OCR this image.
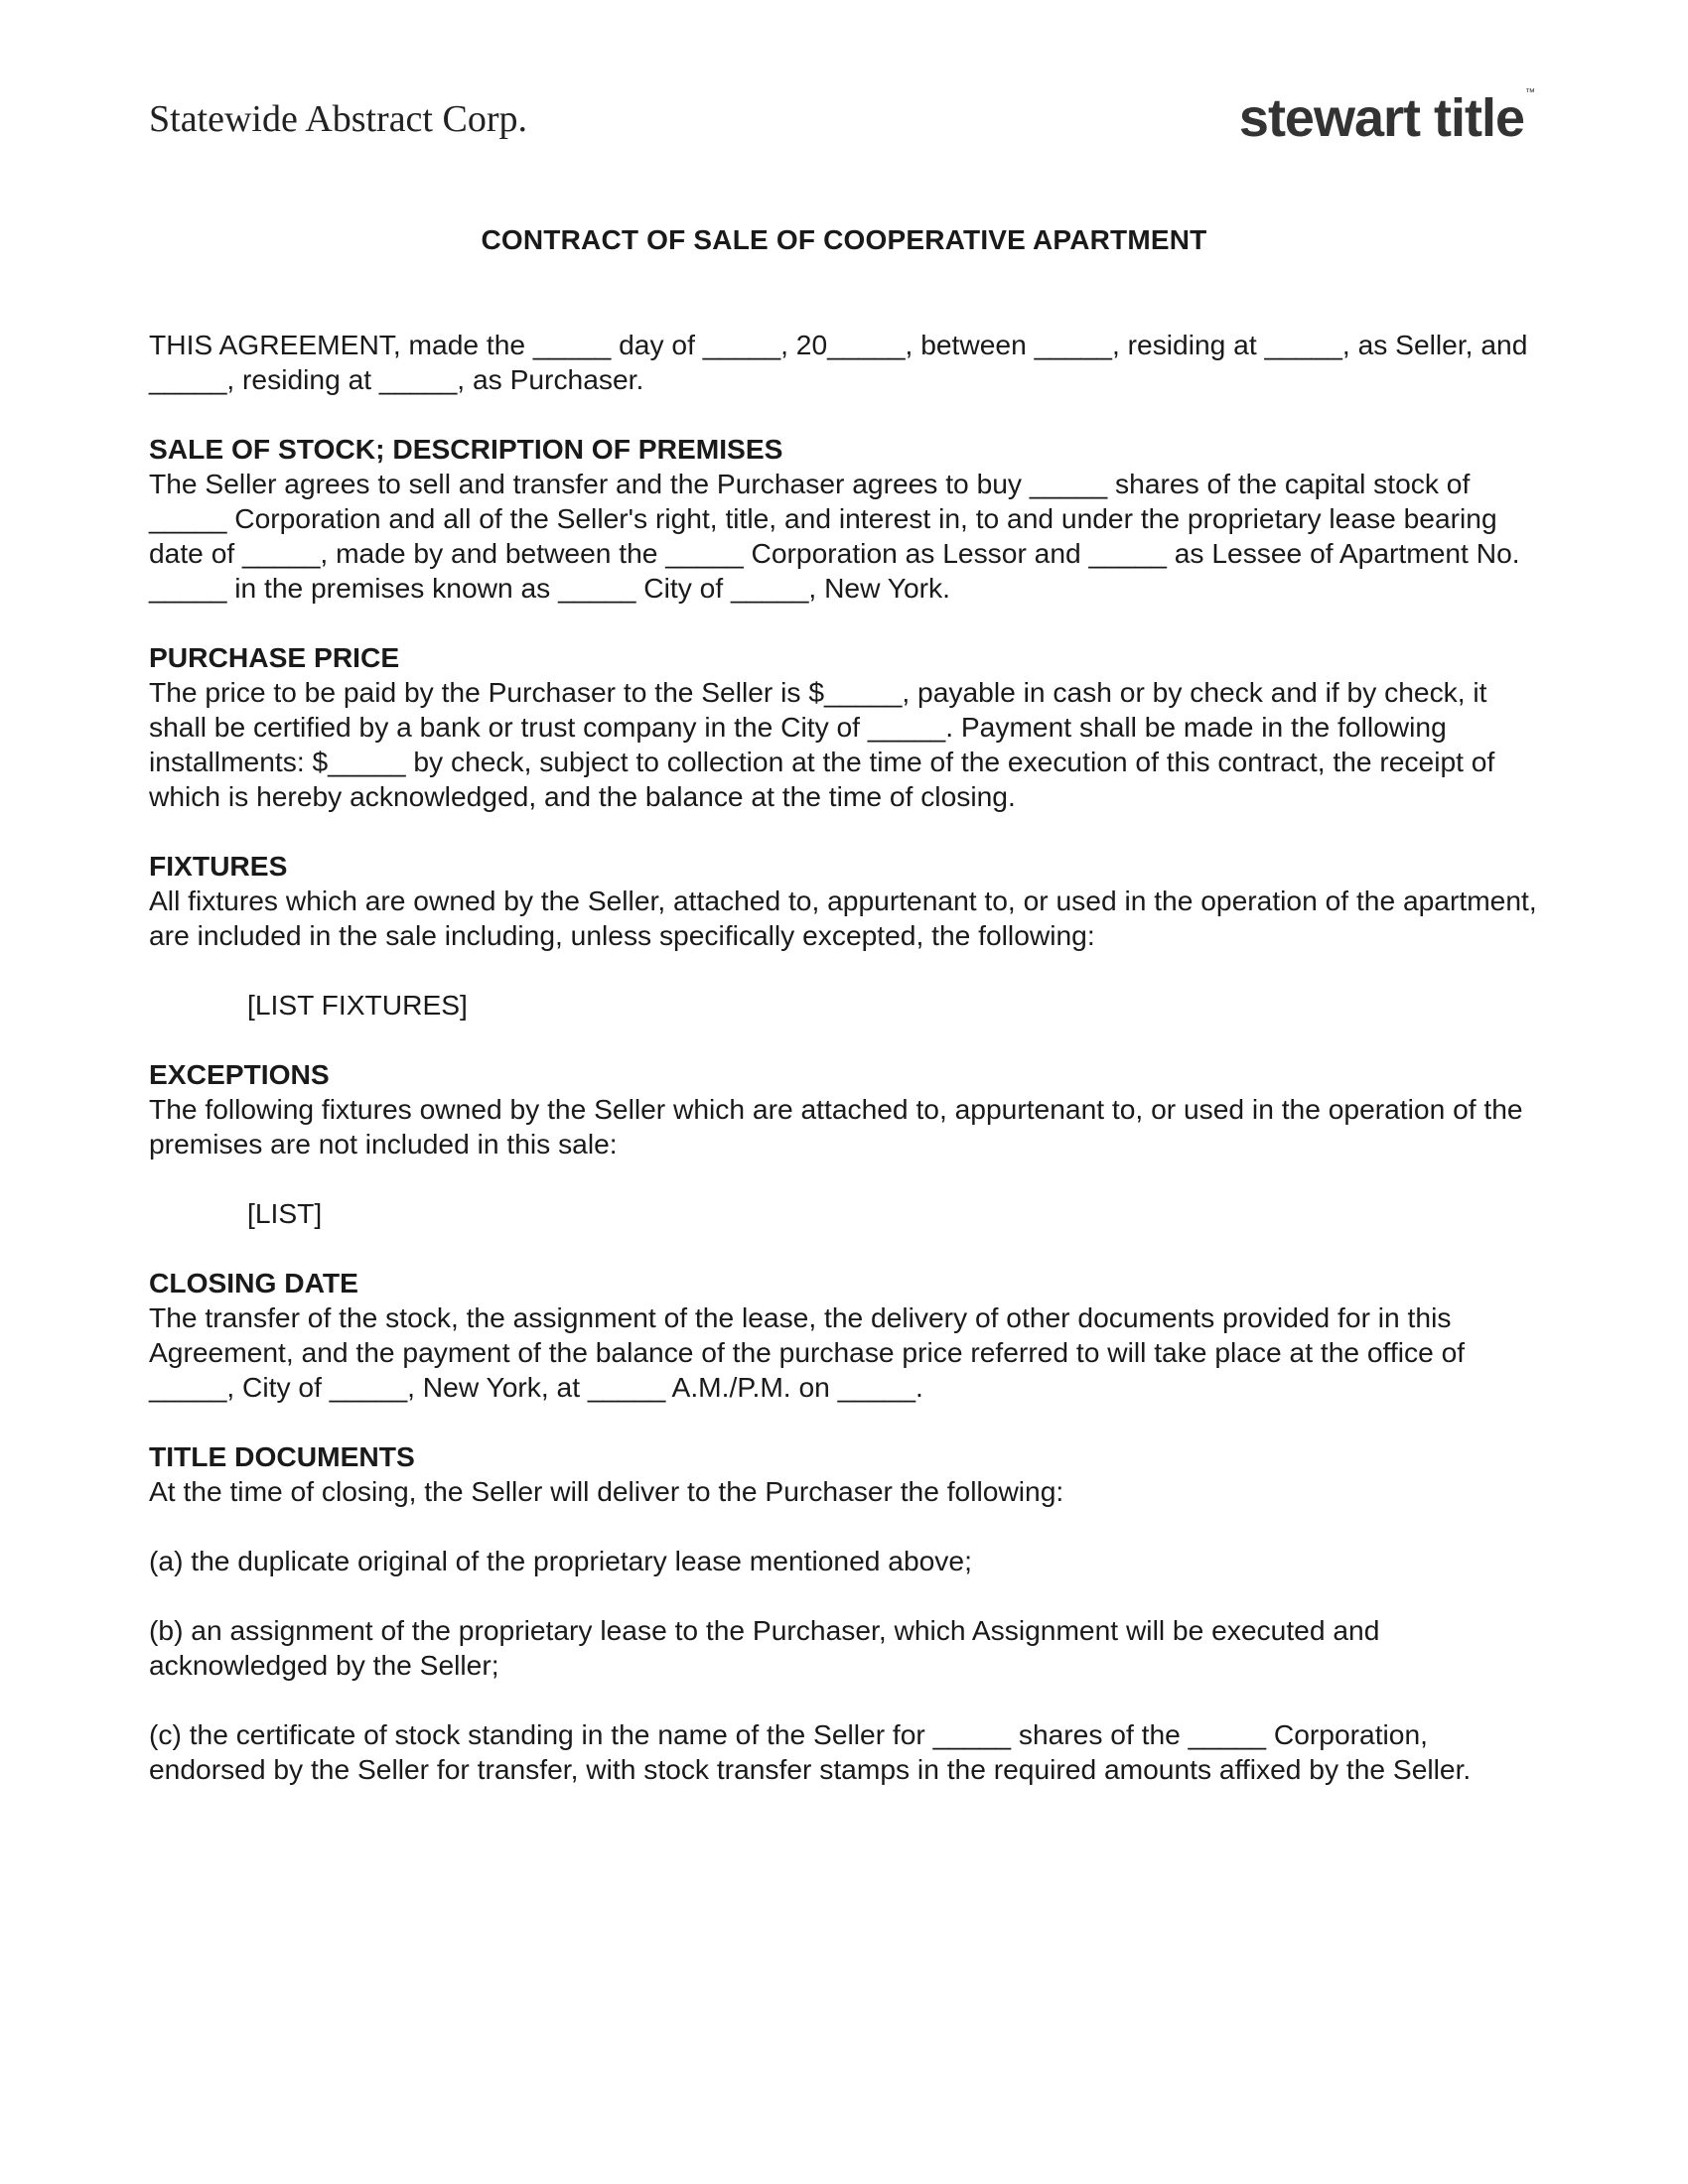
Statewide Abstract Corp.	stewart title™
CONTRACT OF SALE OF COOPERATIVE APARTMENT

THIS AGREEMENT, made the _____ day of _____, 20_____, between _____, residing at _____, as Seller, and _____, residing at _____, as Purchaser.

SALE OF STOCK; DESCRIPTION OF PREMISES

The Seller agrees to sell and transfer and the Purchaser agrees to buy _____ shares of the capital stock of _____ Corporation and all of the Seller's right, title, and interest in, to and under the proprietary lease bearing date of _____, made by and between the _____ Corporation as Lessor and _____ as Lessee of Apartment No. _____ in the premises known as _____ City of _____, New York.

PURCHASE PRICE

The price to be paid by the Purchaser to the Seller is $_____, payable in cash or by check and if by check, it shall be certified by a bank or trust company in the City of _____. Payment shall be made in the following installments: $_____ by check, subject to collection at the time of the execution of this contract, the receipt of which is hereby acknowledged, and the balance at the time of closing.

FIXTURES

All fixtures which are owned by the Seller, attached to, appurtenant to, or used in the operation of the apartment, are included in the sale including, unless specifically excepted, the following:

[LIST FIXTURES]

EXCEPTIONS

The following fixtures owned by the Seller which are attached to, appurtenant to, or used in the operation of the premises are not included in this sale:

[LIST]

CLOSING DATE

The transfer of the stock, the assignment of the lease, the delivery of other documents provided for in this Agreement, and the payment of the balance of the purchase price referred to will take place at the office of _____, City of _____, New York, at _____ A.M./P.M. on _____.

TITLE DOCUMENTS

At the time of closing, the Seller will deliver to the Purchaser the following:

(a) the duplicate original of the proprietary lease mentioned above;

(b) an assignment of the proprietary lease to the Purchaser, which Assignment will be executed and acknowledged by the Seller;

(c) the certificate of stock standing in the name of the Seller for _____ shares of the _____ Corporation, endorsed by the Seller for transfer, with stock transfer stamps in the required amounts affixed by the Seller.
